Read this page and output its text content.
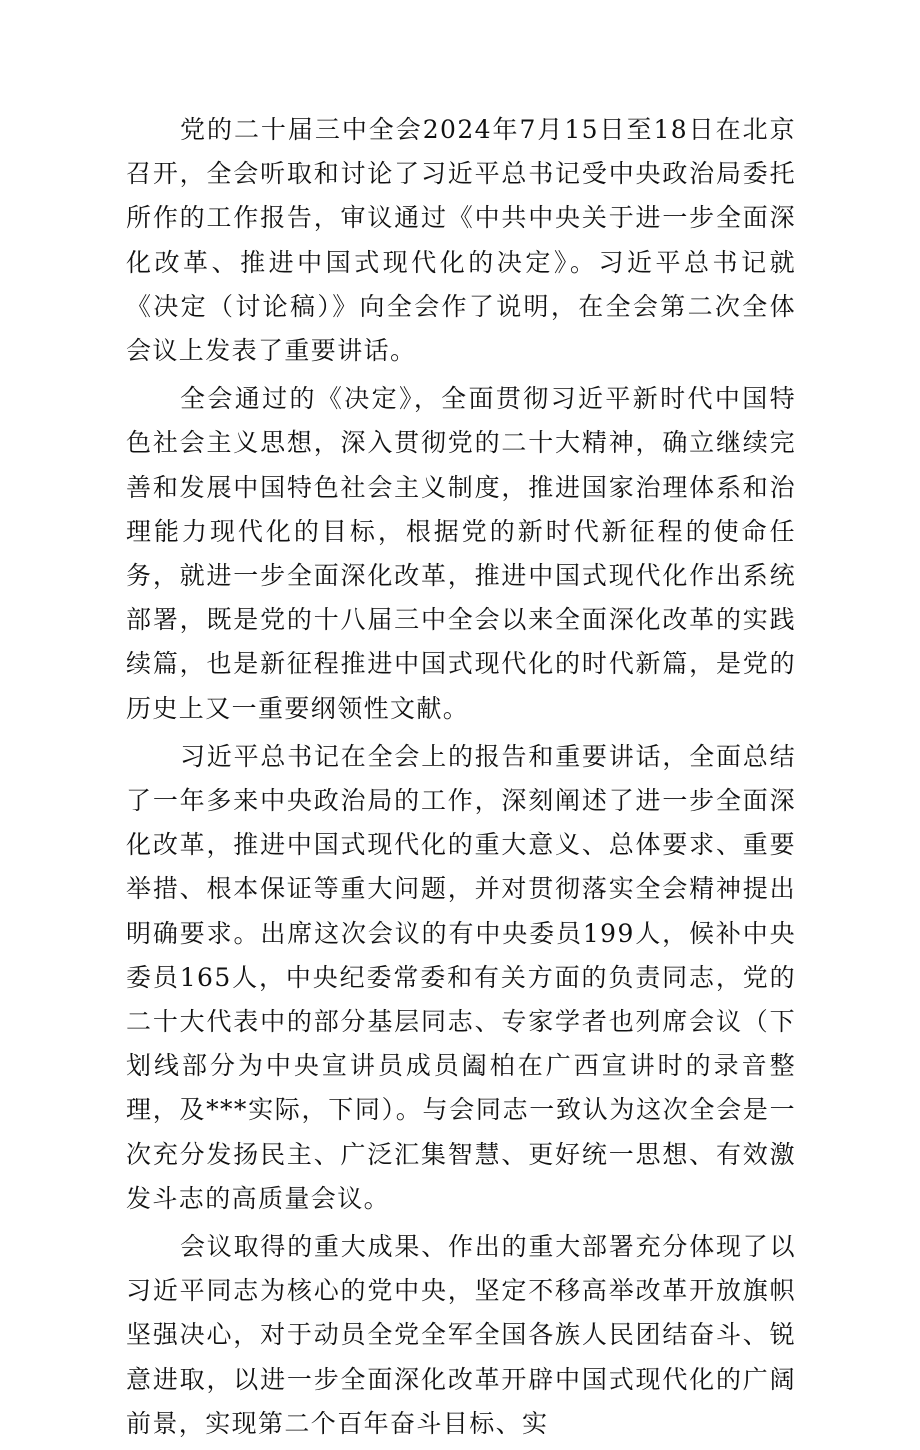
党的二十届三中全会2024年7月15日至18日在北京召开，全会听取和讨论了习近平总书记受中央政治局委托所作的工作报告，审议通过《中共中央关于进一步全面深化改革、推进中国式现代化的决定》。习近平总书记就《决定（讨论稿）》向全会作了说明，在全会第二次全体会议上发表了重要讲话。

全会通过的《决定》，全面贯彻习近平新时代中国特色社会主义思想，深入贯彻党的二十大精神，确立继续完善和发展中国特色社会主义制度，推进国家治理体系和治理能力现代化的目标，根据党的新时代新征程的使命任务，就进一步全面深化改革，推进中国式现代化作出系统部署，既是党的十八届三中全会以来全面深化改革的实践续篇，也是新征程推进中国式现代化的时代新篇，是党的历史上又一重要纲领性文献。

习近平总书记在全会上的报告和重要讲话，全面总结了一年多来中央政治局的工作，深刻阐述了进一步全面深化改革，推进中国式现代化的重大意义、总体要求、重要举措、根本保证等重大问题，并对贯彻落实全会精神提出明确要求。出席这次会议的有中央委员199人，候补中央委员165人，中央纪委常委和有关方面的负责同志，党的二十大代表中的部分基层同志、专家学者也列席会议（下划线部分为中央宣讲员成员阖柏在广西宣讲时的录音整理，及***实际，下同）。与会同志一致认为这次全会是一次充分发扬民主、广泛汇集智慧、更好统一思想、有效激发斗志的高质量会议。

会议取得的重大成果、作出的重大部署充分体现了以习近平同志为核心的党中央，坚定不移高举改革开放旗帜坚强决心，对于动员全党全军全国各族人民团结奋斗、锐意进取，以进一步全面深化改革开辟中国式现代化的广阔前景，实现第二个百年奋斗目标、实
